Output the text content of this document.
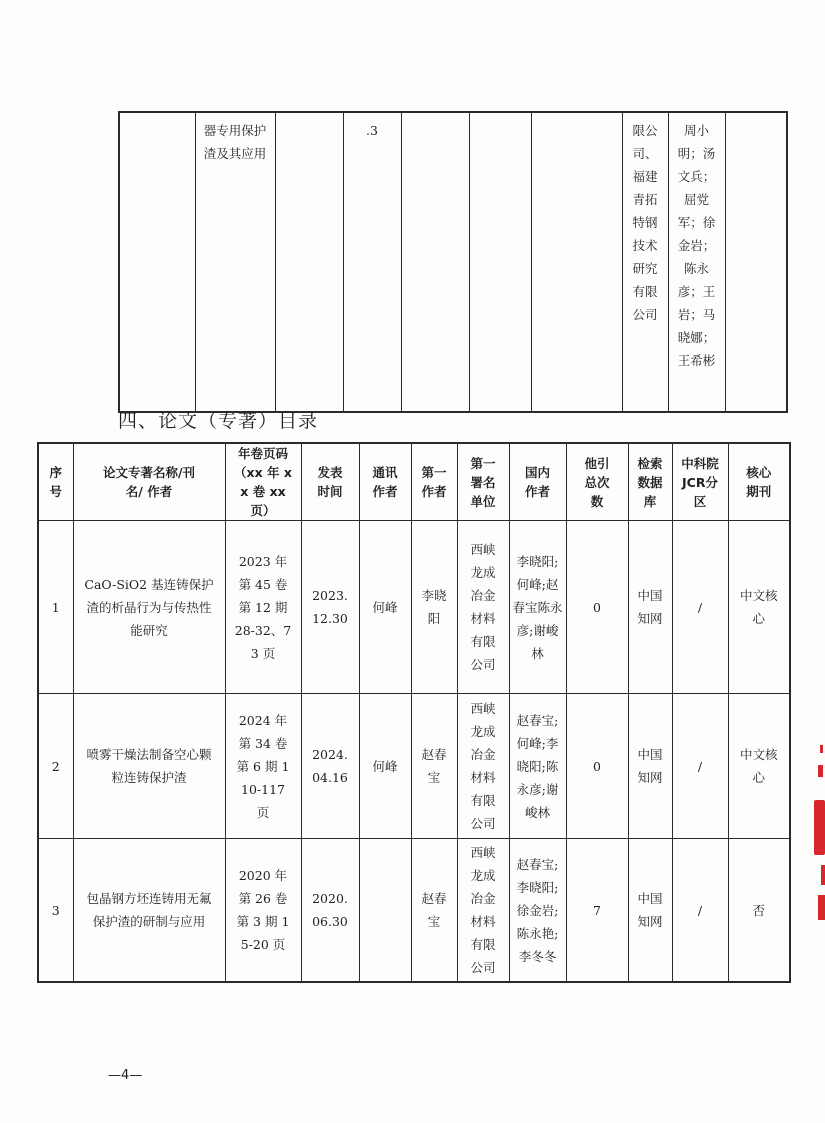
	器专用保护渣及其应用		.3				限公司、福建青拓特钢技术研究有限公司	周小明；汤文兵；屈党军；徐金岩；陈永彦；王岩；马晓娜；王希彬	
四、论文（专著）目录
序号	论文专著名称/刊名/ 作者	年卷页码（xx 年 xx 卷 xx 页）	发表时间	通讯作者	第一作者	第一署名单位	国内作者	他引总次数	检索数据库	中科院JCR分区	核心期刊
1	CaO-SiO2 基连铸保护渣的析晶行为与传热性能研究	2023 年第 45 卷第 12 期 28-32、73 页	2023.12.30	何峰	李晓阳	西峡龙成冶金材料有限公司	李晓阳;何峰;赵春宝陈永彦;谢峻林	0	中国知网	/	中文核心
2	喷雾干燥法制备空心颗粒连铸保护渣	2024 年第 34 卷第 6 期 110-117 页	2024.04.16	何峰	赵春宝	西峡龙成冶金材料有限公司	赵春宝;何峰;李晓阳;陈永彦;谢峻林	0	中国知网	/	中文核心
3	包晶钢方坯连铸用无氟保护渣的研制与应用	2020 年第 26 卷第 3 期 15-20 页	2020.06.30		赵春宝	西峡龙成冶金材料有限公司	赵春宝;李晓阳;徐金岩;陈永艳;李冬冬	7	中国知网	/	否
—4—
